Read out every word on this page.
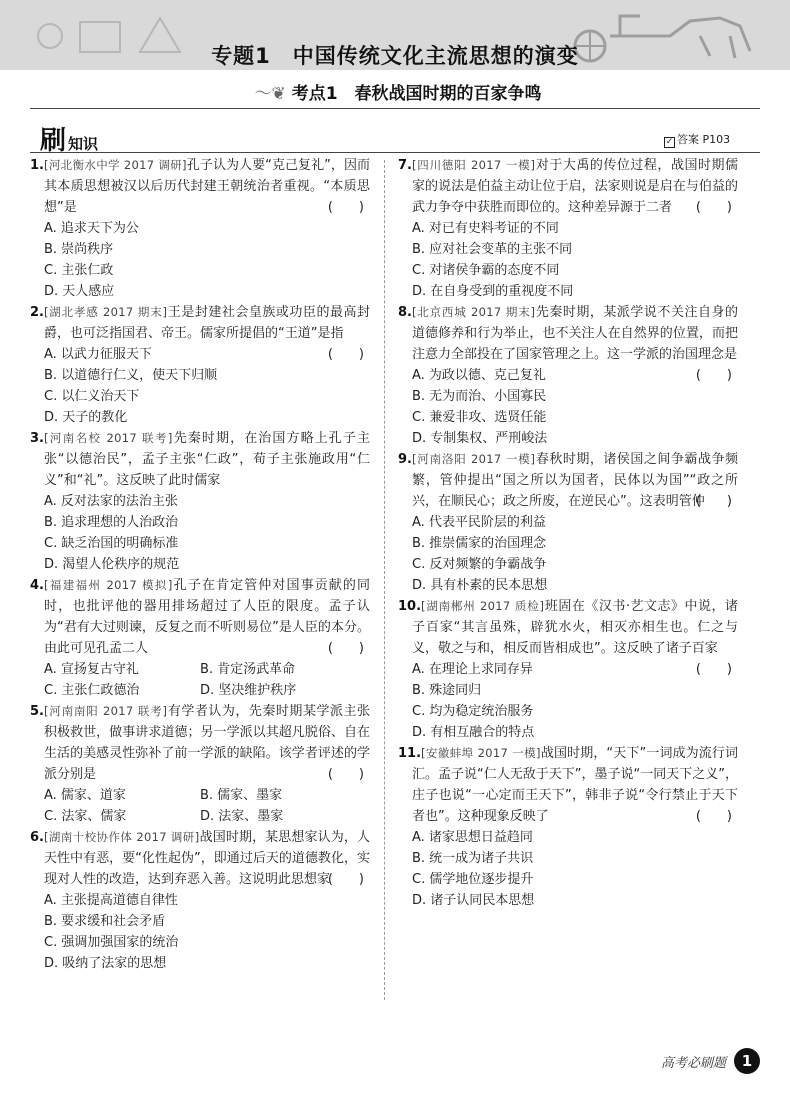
专题1　中国传统文化主流思想的演变
〜❦ 考点1　春秋战国时期的百家争鸣
刷知识	✓ 答案 P103
1.[河北衡水中学 2017 调研]孔子认为人要“克己复礼”，因而其本质思想被汉以后历代封建王朝统治者重视。“本质思想”是	(　　)
A. 追求天下为公
B. 崇尚秩序
C. 主张仁政
D. 天人感应
2.[湖北孝感 2017 期末]王是封建社会皇族或功臣的最高封爵，也可泛指国君、帝王。儒家所提倡的“王道”是指
(　　)
A. 以武力征服天下
B. 以道德行仁义，使天下归顺
C. 以仁义治天下
D. 天子的教化
3.[河南名校 2017 联考]先秦时期，在治国方略上孔子主张“以德治民”，孟子主张“仁政”，荀子主张施政用“仁义”和“礼”。这反映了此时儒家
A. 反对法家的法治主张
B. 追求理想的人治政治
C. 缺乏治国的明确标准
D. 渴望人伦秩序的规范
4.[福建福州 2017 模拟]孔子在肯定管仲对国事贡献的同时，也批评他的器用排场超过了人臣的限度。孟子认为“君有大过则谏，反复之而不听则易位”是人臣的本分。由此可见孔孟二人	(　　)
A. 宣扬复古守礼	B. 肯定汤武革命
C. 主张仁政德治	D. 坚决维护秩序
5.[河南南阳 2017 联考]有学者认为，先秦时期某学派主张积极救世，做事讲求道德；另一学派以其超凡脱俗、自在生活的美感灵性弥补了前一学派的缺陷。该学者评述的学派分别是	(　　)
A. 儒家、道家	B. 儒家、墨家
C. 法家、儒家	D. 法家、墨家
6.[湖南十校协作体 2017 调研]战国时期，某思想家认为，人天性中有恶，要“化性起伪”，即通过后天的道德教化，实现对人性的改造，达到弃恶入善。这说明此思想家
(　　)
A. 主张提高道德自律性
B. 要求缓和社会矛盾
C. 强调加强国家的统治
D. 吸纳了法家的思想
7.[四川德阳 2017 一模]对于大禹的传位过程，战国时期儒家的说法是伯益主动让位于启，法家则说是启在与伯益的武力争夺中获胜而即位的。这种差异源于二者 (　　)
A. 对已有史料考证的不同
B. 应对社会变革的主张不同
C. 对诸侯争霸的态度不同
D. 在自身受到的重视度不同
8.[北京西城 2017 期末]先秦时期，某派学说不关注自身的道德修养和行为举止，也不关注人在自然界的位置，而把注意力全部投在了国家管理之上。这一学派的治国理念是
(　　)
A. 为政以德、克己复礼
B. 无为而治、小国寡民
C. 兼爱非攻、选贤任能
D. 专制集权、严刑峻法
9.[河南洛阳 2017 一模]春秋时期，诸侯国之间争霸战争频繁，管仲提出“国之所以为国者，民体以为国”“政之所兴，在顺民心；政之所废，在逆民心”。这表明管仲
(　　)
A. 代表平民阶层的利益
B. 推崇儒家的治国理念
C. 反对频繁的争霸战争
D. 具有朴素的民本思想
10.[湖南郴州 2017 质检]班固在《汉书·艺文志》中说，诸子百家“其言虽殊，辟犹水火，相灭亦相生也。仁之与义，敬之与和，相反而皆相成也”。这反映了诸子百家
(　　)
A. 在理论上求同存异
B. 殊途同归
C. 均为稳定统治服务
D. 有相互融合的特点
11.[安徽蚌埠 2017 一模]战国时期，“天下”一词成为流行词汇。孟子说“仁人无敌于天下”，墨子说“一同天下之义”，庄子也说“一心定而王天下”，韩非子说“令行禁止于天下者也”。这种现象反映了	(　　)
A. 诸家思想日益趋同
B. 统一成为诸子共识
C. 儒学地位逐步提升
D. 诸子认同民本思想
高考必刷题	1
